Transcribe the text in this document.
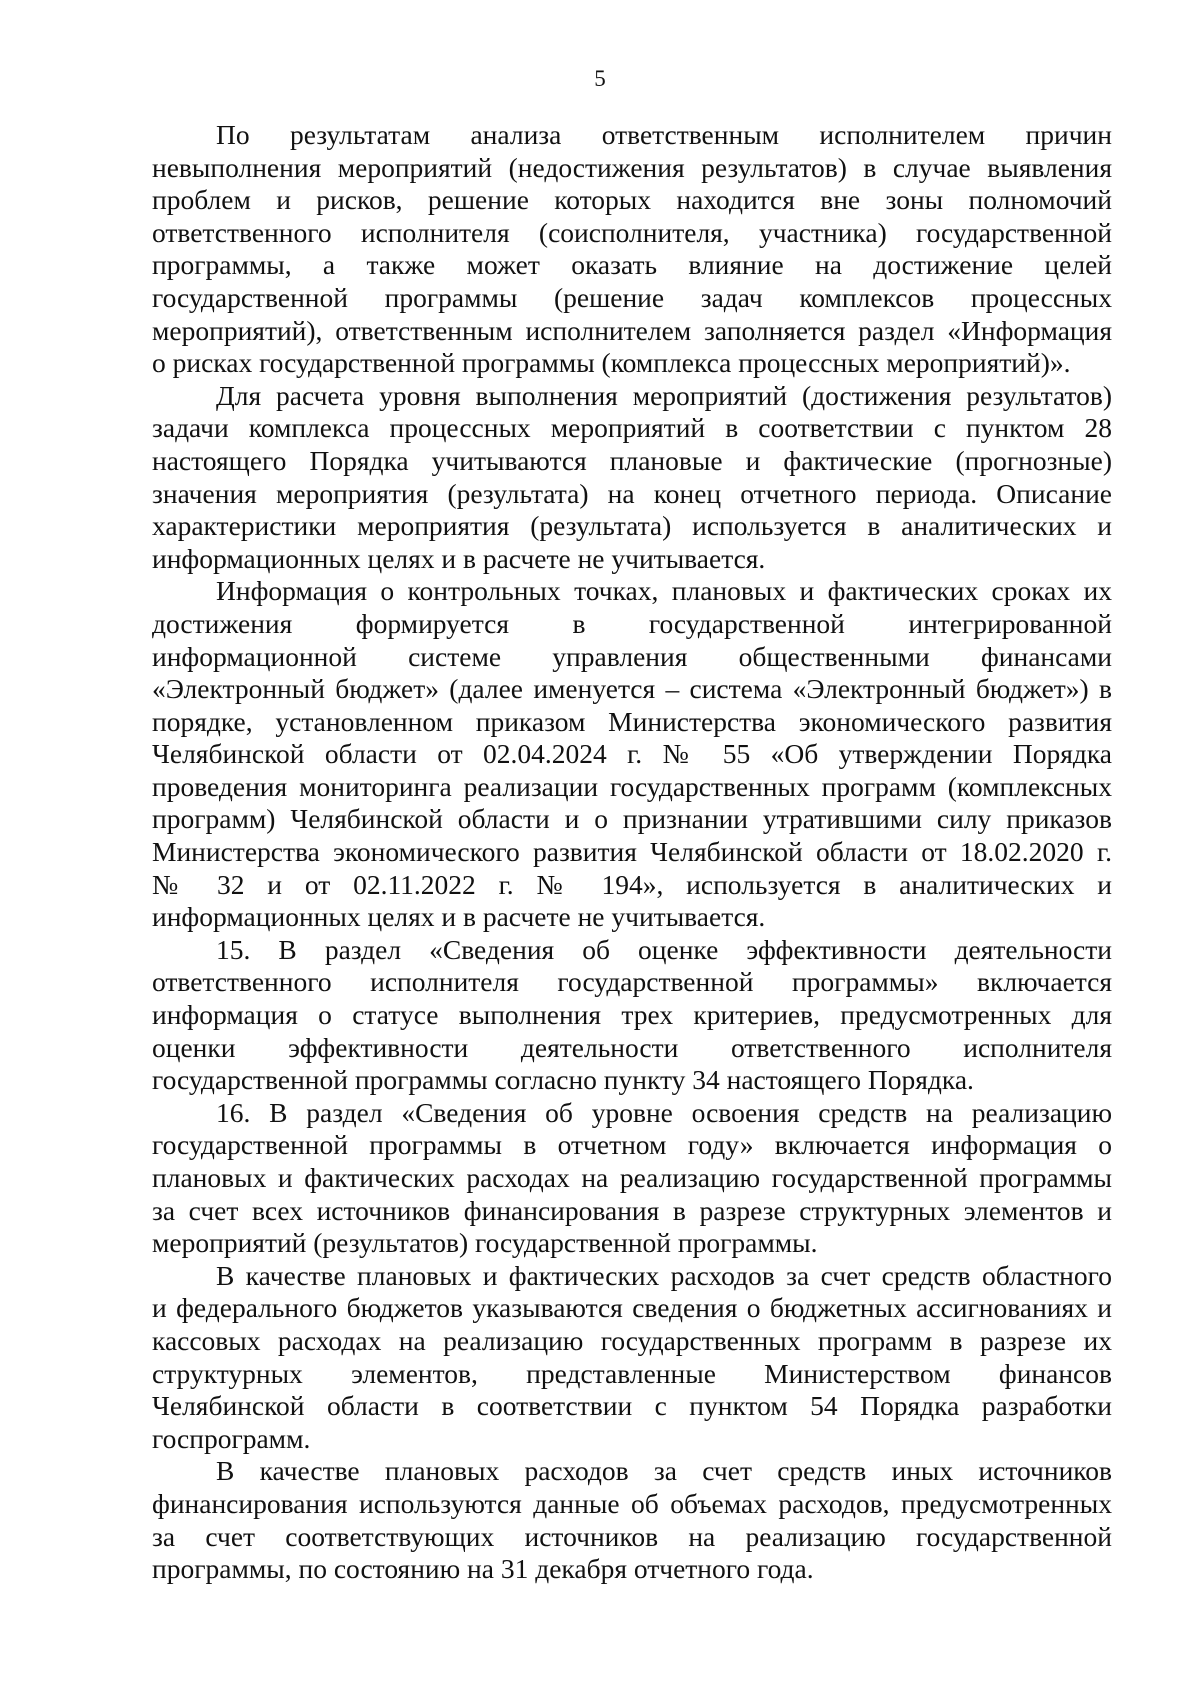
5
По результатам анализа ответственным исполнителем причин
невыполнения мероприятий (недостижения результатов) в случае выявления
проблем и рисков, решение которых находится вне зоны полномочий
ответственного исполнителя (соисполнителя, участника) государственной
программы, а также может оказать влияние на достижение целей
государственной программы (решение задач комплексов процессных
мероприятий), ответственным исполнителем заполняется раздел «Информация
о рисках государственной программы (комплекса процессных мероприятий)».
Для расчета уровня выполнения мероприятий (достижения результатов)
задачи комплекса процессных мероприятий в соответствии с пунктом 28
настоящего Порядка учитываются плановые и фактические (прогнозные)
значения мероприятия (результата) на конец отчетного периода. Описание
характеристики мероприятия (результата) используется в аналитических и
информационных целях и в расчете не учитывается.
Информация о контрольных точках, плановых и фактических сроках их
достижения формируется в государственной интегрированной
информационной системе управления общественными финансами
«Электронный бюджет» (далее именуется – система «Электронный бюджет») в
порядке, установленном приказом Министерства экономического развития
Челябинской области от 02.04.2024 г. № 55 «Об утверждении Порядка
проведения мониторинга реализации государственных программ (комплексных
программ) Челябинской области и о признании утратившими силу приказов
Министерства экономического развития Челябинской области от 18.02.2020 г.
№ 32 и от 02.11.2022 г. № 194», используется в аналитических и
информационных целях и в расчете не учитывается.
15. В раздел «Сведения об оценке эффективности деятельности
ответственного исполнителя государственной программы» включается
информация о статусе выполнения трех критериев, предусмотренных для
оценки эффективности деятельности ответственного исполнителя
государственной программы согласно пункту 34 настоящего Порядка.
16. В раздел «Сведения об уровне освоения средств на реализацию
государственной программы в отчетном году» включается информация о
плановых и фактических расходах на реализацию государственной программы
за счет всех источников финансирования в разрезе структурных элементов и
мероприятий (результатов) государственной программы.
В качестве плановых и фактических расходов за счет средств областного
и федерального бюджетов указываются сведения о бюджетных ассигнованиях и
кассовых расходах на реализацию государственных программ в разрезе их
структурных элементов, представленные Министерством финансов
Челябинской области в соответствии с пунктом 54 Порядка разработки
госпрограмм.
В качестве плановых расходов за счет средств иных источников
финансирования используются данные об объемах расходов, предусмотренных
за счет соответствующих источников на реализацию государственной
программы, по состоянию на 31 декабря отчетного года.
